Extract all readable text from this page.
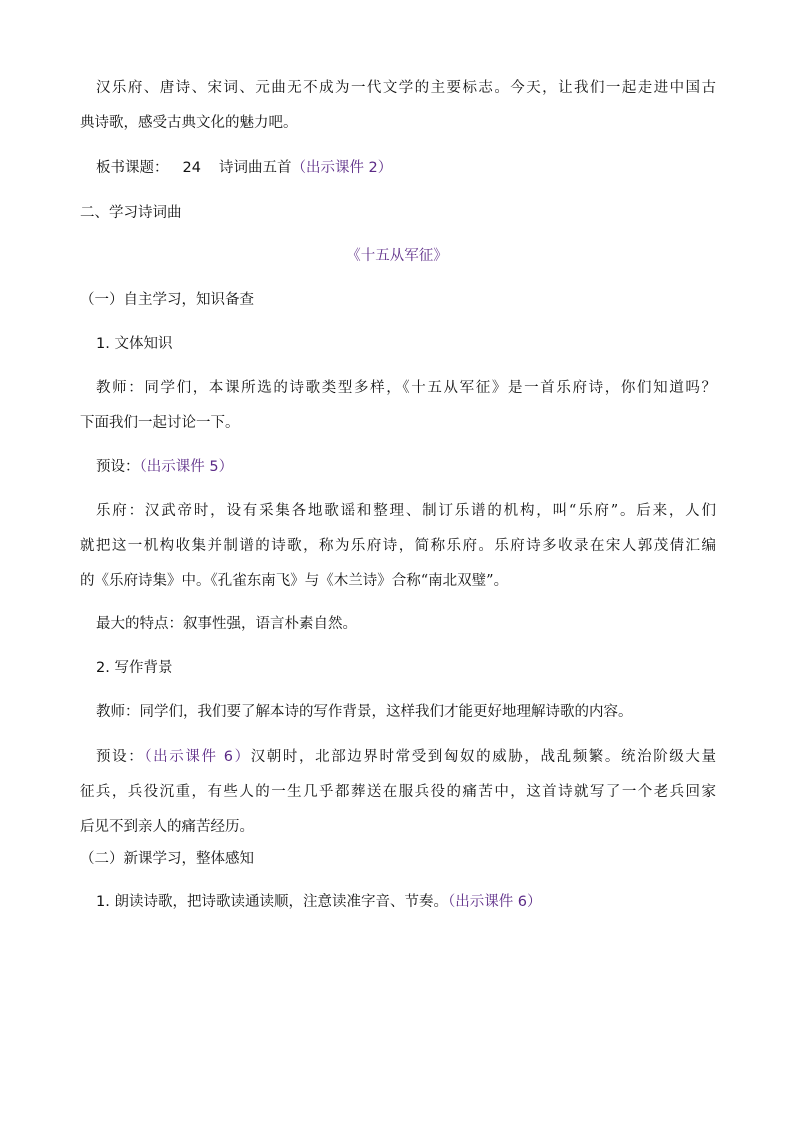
汉乐府、唐诗、宋词、元曲无不成为一代文学的主要标志。今天，让我们一起走进中国古
典诗歌，感受古典文化的魅力吧。
板书课题： 24 诗词曲五首（出示课件 2）
二、学习诗词曲
《十五从军征》
（一）自主学习，知识备查
1. 文体知识
教师：同学们，本课所选的诗歌类型多样，《十五从军征》是一首乐府诗，你们知道吗？
下面我们一起讨论一下。
预设：（出示课件 5）
乐府：汉武帝时，设有采集各地歌谣和整理、制订乐谱的机构，叫“乐府”。后来，人们
就把这一机构收集并制谱的诗歌，称为乐府诗，简称乐府。乐府诗多收录在宋人郭茂倩汇编
的《乐府诗集》中。《孔雀东南飞》与《木兰诗》合称“南北双璧”。
最大的特点：叙事性强，语言朴素自然。
2. 写作背景
教师：同学们，我们要了解本诗的写作背景，这样我们才能更好地理解诗歌的内容。
预设：（出示课件 6）汉朝时，北部边界时常受到匈奴的威胁，战乱频繁。统治阶级大量
征兵，兵役沉重，有些人的一生几乎都葬送在服兵役的痛苦中，这首诗就写了一个老兵回家
后见不到亲人的痛苦经历。
（二）新课学习，整体感知
1. 朗读诗歌，把诗歌读通读顺，注意读准字音、节奏。（出示课件 6）
